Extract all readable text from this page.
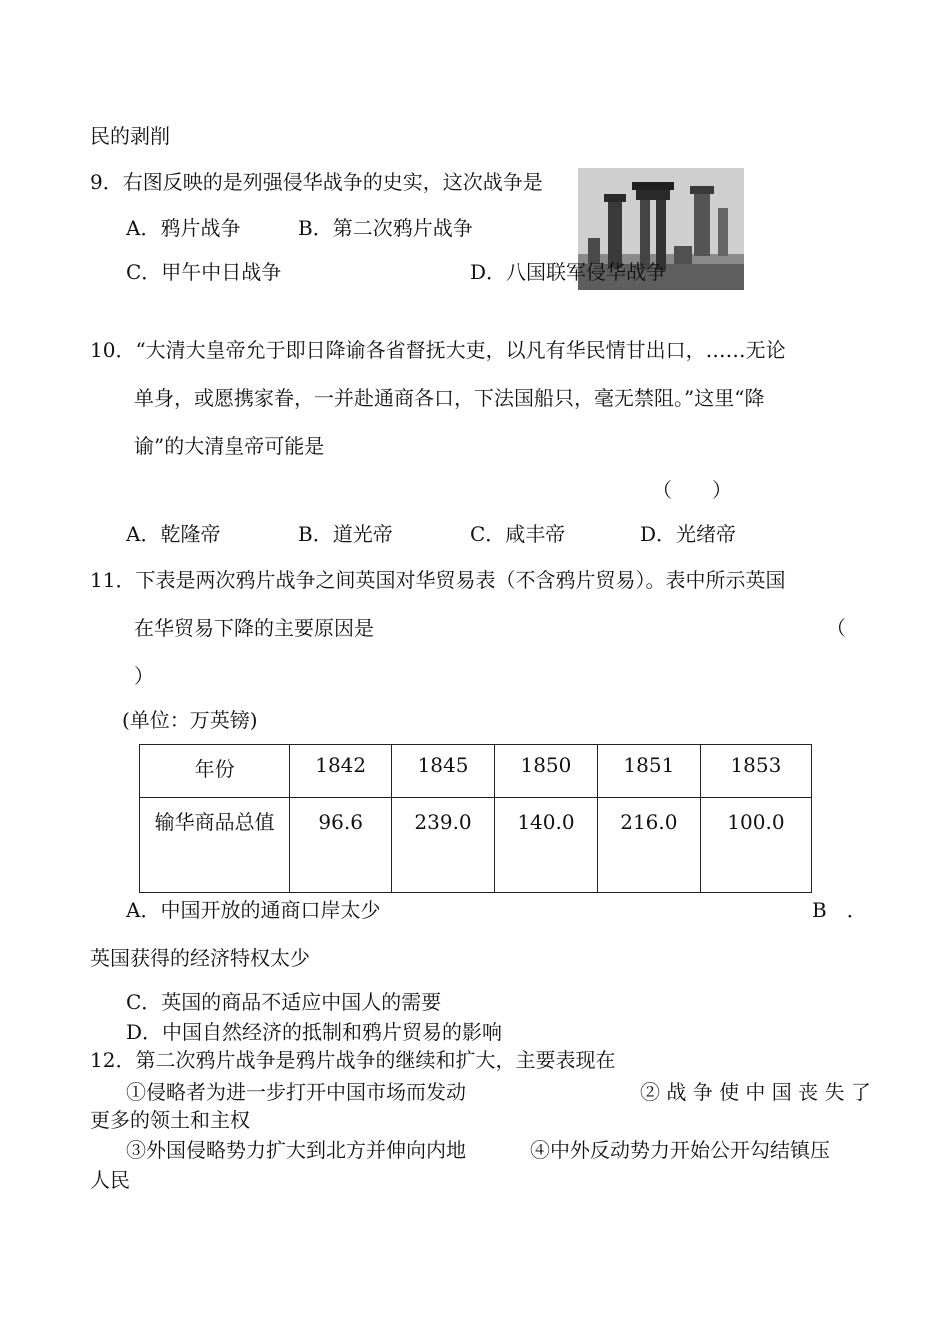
民的剥削
9．右图反映的是列强侵华战争的史实，这次战争是
A．鸦片战争	B．第二次鸦片战争
C．甲午中日战争	D．八国联军侵华战争
10．“大清大皇帝允于即日降谕各省督抚大吏，以凡有华民情甘出口，……无论
单身，或愿携家眷，一并赴通商各口，下法国船只，毫无禁阻。”这里“降
谕”的大清皇帝可能是
（　　）
A．乾隆帝	B．道光帝	C．咸丰帝	D．光绪帝
11．下表是两次鸦片战争之间英国对华贸易表（不含鸦片贸易）。表中所示英国
在华贸易下降的主要原因是	（
）
(单位：万英镑)
年份	1842	1845	1850	1851	1853
输华商品总值	96.6	239.0	140.0	216.0	100.0
A．中国开放的通商口岸太少	B　．
英国获得的经济特权太少
C．英国的商品不适应中国人的需要
D．中国自然经济的抵制和鸦片贸易的影响
12．第二次鸦片战争是鸦片战争的继续和扩大，主要表现在
①侵略者为进一步打开中国市场而发动	② 战 争 使 中 国 丧 失 了
更多的领土和主权
③外国侵略势力扩大到北方并伸向内地	④中外反动势力开始公开勾结镇压
人民
